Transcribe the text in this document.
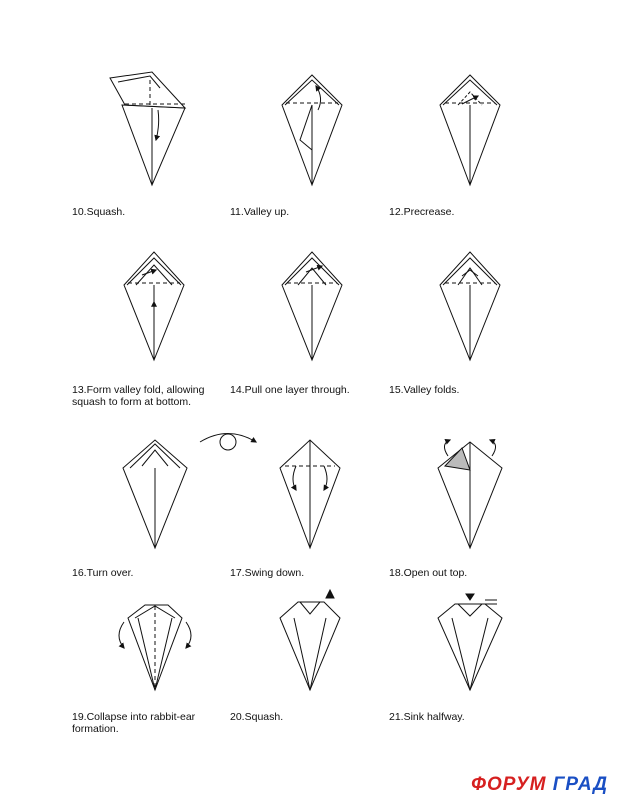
10.Squash.	11.Valley up.	12.Precrease.
13.Form valley fold, allowing
squash to form at bottom.
14.Pull one layer through.	15.Valley folds.
16.Turn over.	17.Swing down.	18.Open out top.
19.Collapse into rabbit-ear
formation.
20.Squash.	21.Sink halfway.
ФОРУМ ГРАД
